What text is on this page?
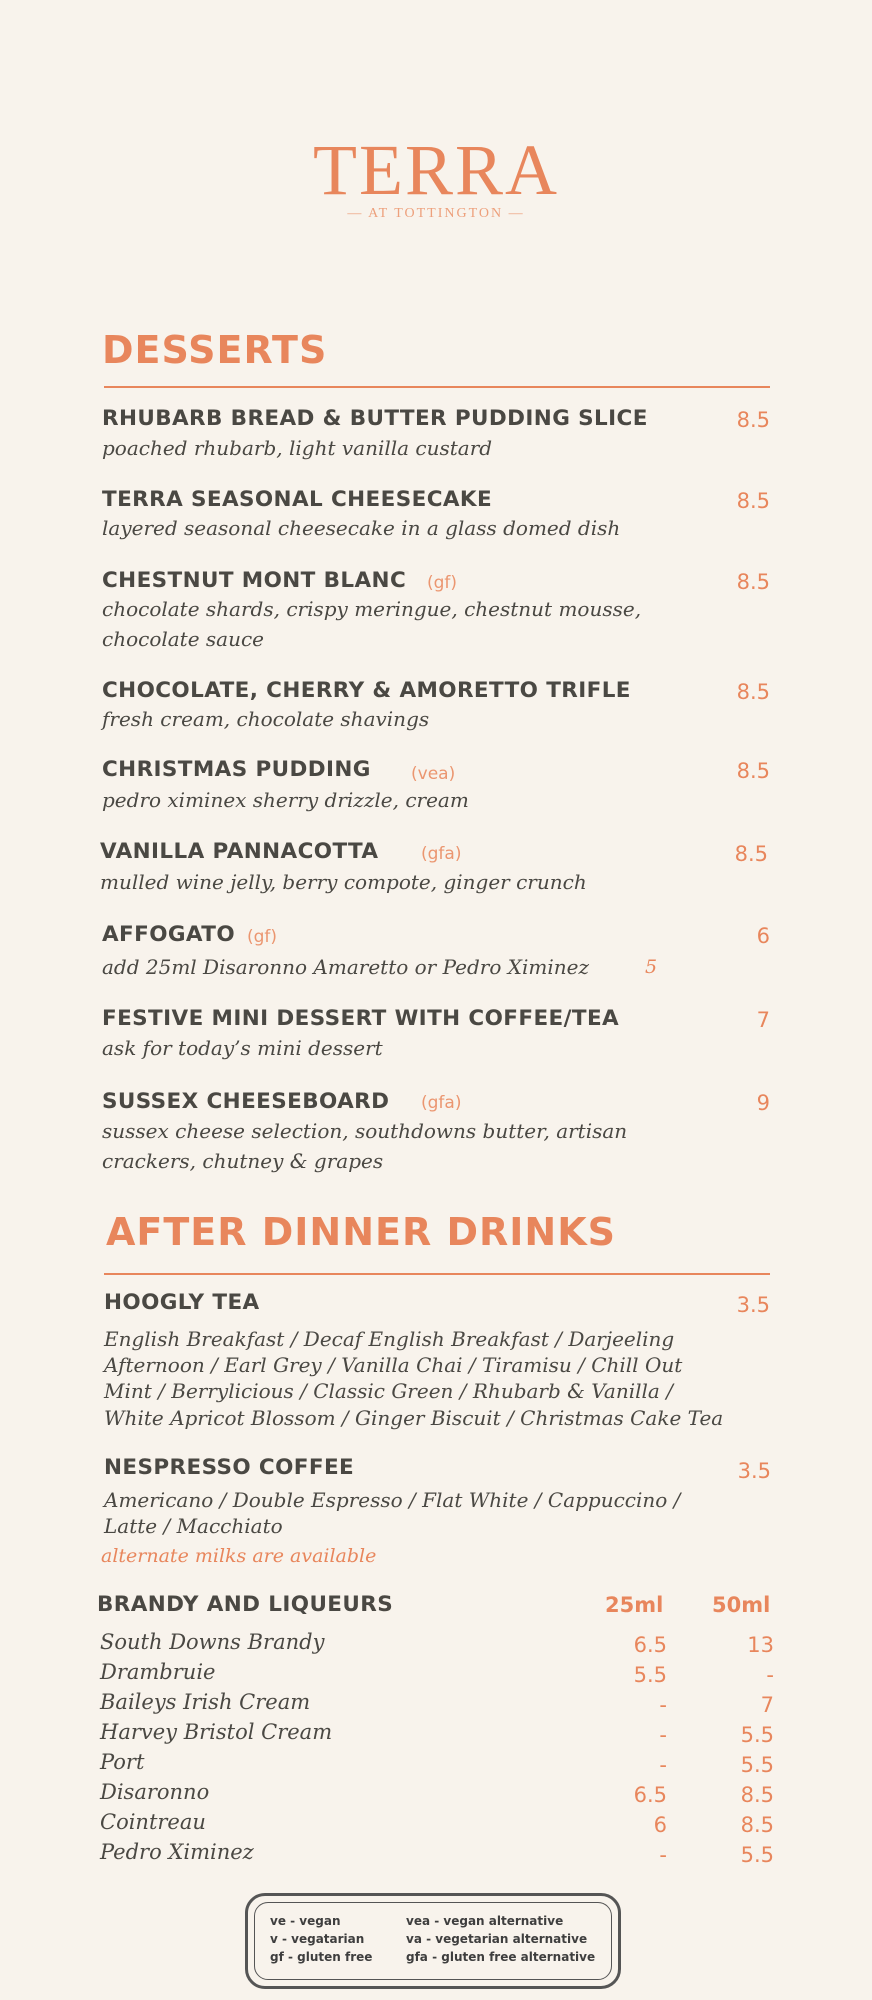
TERRA
— AT TOTTINGTON —
DESSERTS
RHUBARB BREAD & BUTTER PUDDING SLICE	8.5
poached rhubarb, light vanilla custard
TERRA SEASONAL CHEESECAKE	8.5
layered seasonal cheesecake in a glass domed dish
CHESTNUT MONT BLANC (gf)	8.5
chocolate shards, crispy meringue, chestnut mousse,
chocolate sauce
CHOCOLATE, CHERRY & AMORETTO TRIFLE	8.5
fresh cream, chocolate shavings
CHRISTMAS PUDDING (vea)	8.5
pedro ximinex sherry drizzle, cream
VANILLA PANNACOTTA	(gfa)	8.5
mulled wine jelly, berry compote, ginger crunch
AFFOGATO (gf)	6
add 25ml Disaronno Amaretto or Pedro Ximinez	5
FESTIVE MINI DESSERT WITH COFFEE/TEA	7
ask for today’s mini dessert
SUSSEX CHEESEBOARD (gfa)	9
sussex cheese selection, southdowns butter, artisan
crackers, chutney & grapes
AFTER DINNER DRINKS
HOOGLY TEA	3.5
English Breakfast / Decaf English Breakfast / Darjeeling
Afternoon / Earl Grey / Vanilla Chai / Tiramisu / Chill Out
Mint / Berrylicious / Classic Green / Rhubarb & Vanilla /
White Apricot Blossom / Ginger Biscuit / Christmas Cake Tea
NESPRESSO COFFEE	3.5
Americano / Double Espresso / Flat White / Cappuccino /
Latte / Macchiato
alternate milks are available
BRANDY AND LIQUEURS	25ml 50ml
South Downs Brandy	6.5	13
Drambruie	5.5	-
Baileys Irish Cream	-	7
Harvey Bristol Cream	-	5.5
Port	-	5.5
Disaronno	6.5	8.5
Cointreau	6	8.5
Pedro Ximinez	-	5.5
ve - vegan
v - vegatarian
gf - gluten free
vea - vegan alternative
va - vegetarian alternative
gfa - gluten free alternative
